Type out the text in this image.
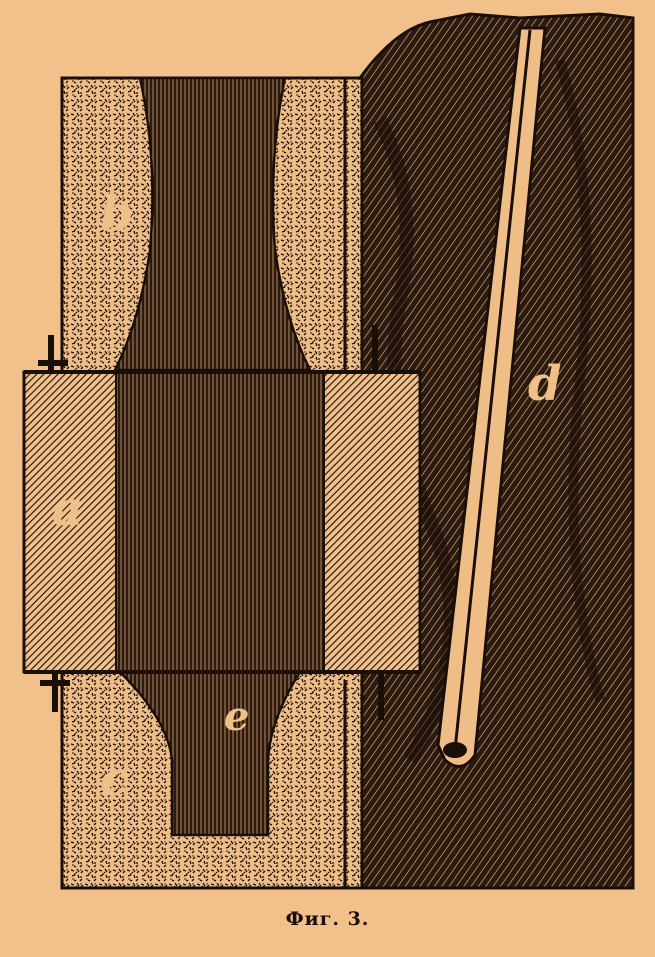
a
b
c
d
e
Фиг. 3.
